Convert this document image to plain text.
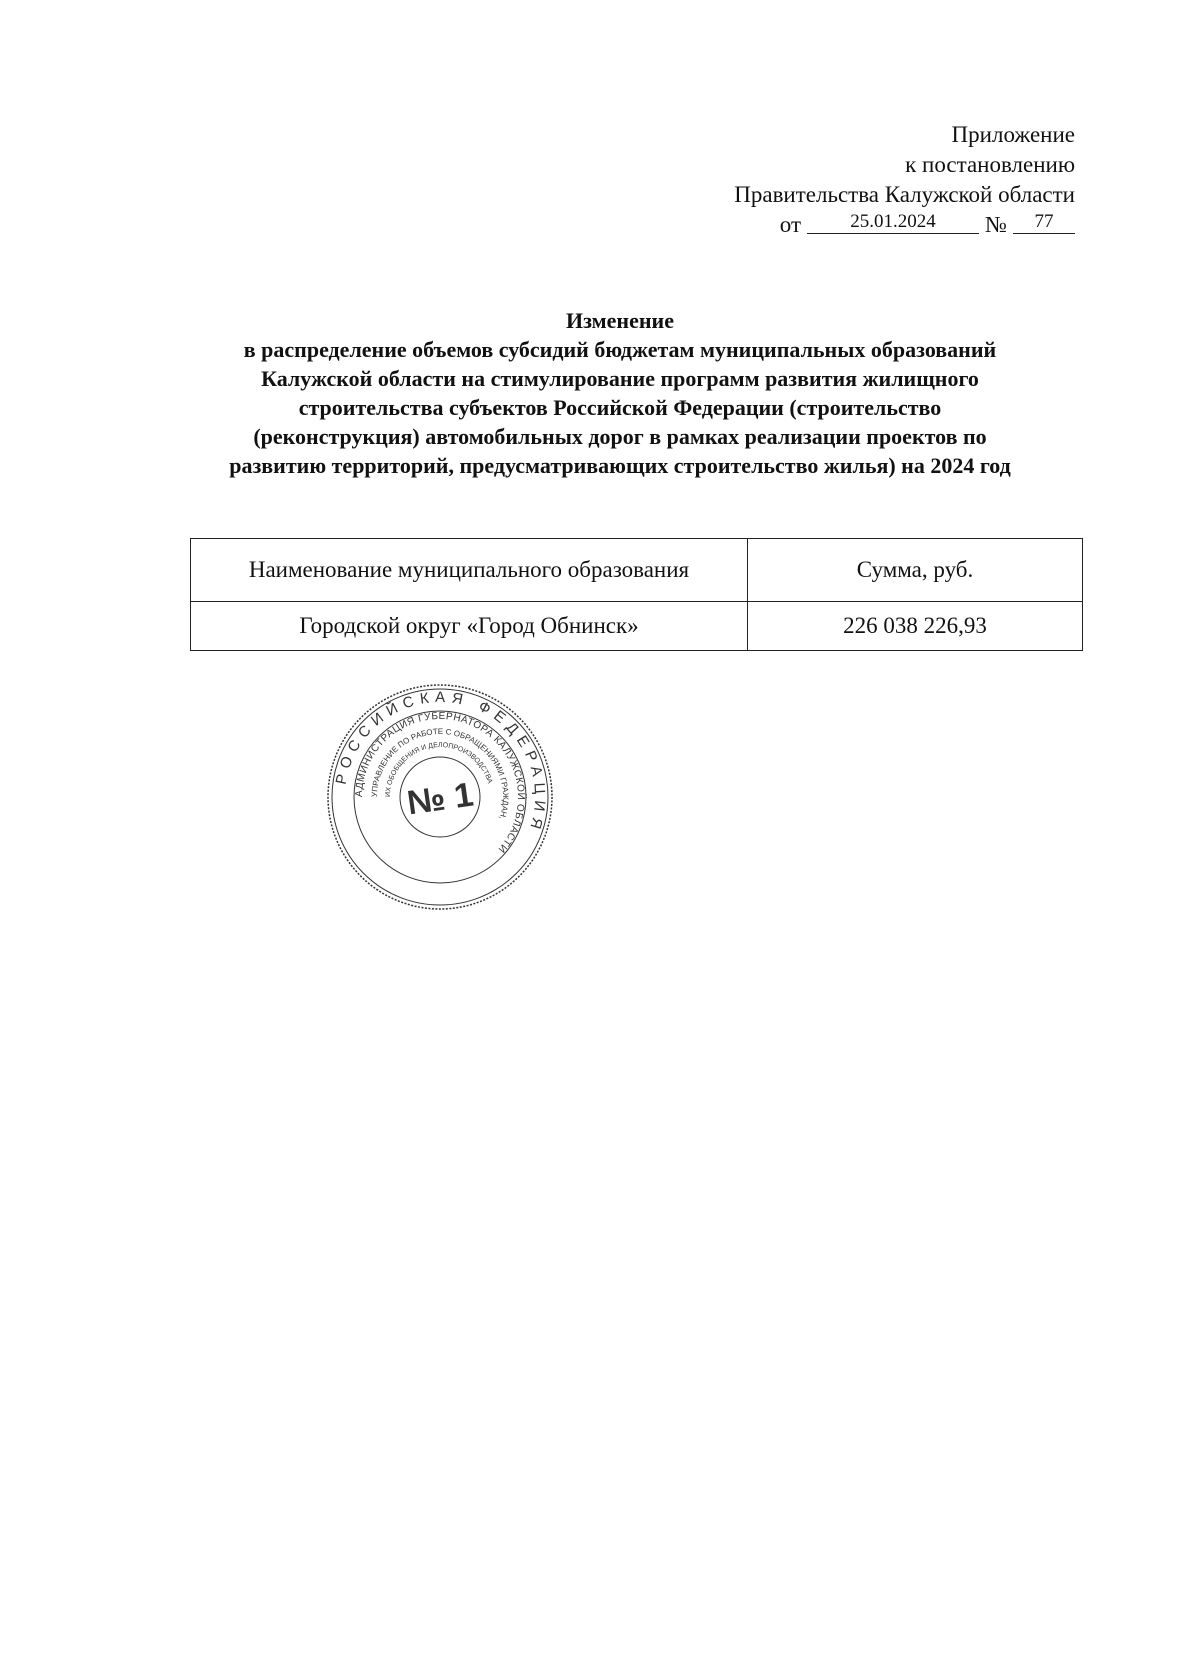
Приложение
к постановлению
Правительства Калужской области
от	25.01.2024	№	77
Изменение
в распределение объемов субсидий бюджетам муниципальных образований
Калужской области на стимулирование программ развития жилищного
строительства субъектов Российской Федерации (строительство
(реконструкция) автомобильных дорог в рамках реализации проектов по
развитию территорий, предусматривающих строительство жилья) на 2024 год
Наименование муниципального образования	Сумма, руб.
Городской округ «Город Обнинск»	226 038 226,93
РОССИЙСКАЯ ФЕДЕРАЦИЯ
АДМИНИСТРАЦИЯ ГУБЕРНАТОРА КАЛУЖСКОЙ ОБЛАСТИ
УПРАВЛЕНИЕ ПО РАБОТЕ С ОБРАЩЕНИЯМИ ГРАЖДАН,
ИХ ОБОБЩЕНИЯ И ДЕЛОПРОИЗВОДСТВА
№ 1
